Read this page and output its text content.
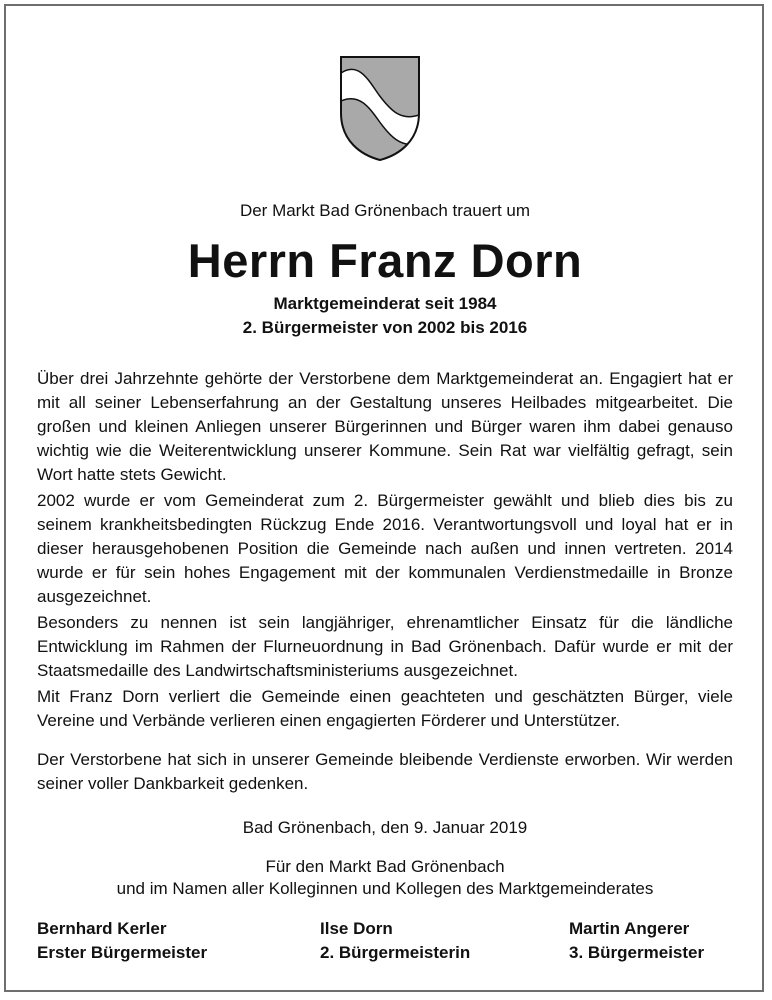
Der Markt Bad Grönenbach trauert um
Herrn Franz Dorn
Marktgemeinderat seit 1984
2. Bürgermeister von 2002 bis 2016

Über drei Jahrzehnte gehörte der Verstorbene dem Marktgemeinderat an. Engagiert hat er mit all seiner Lebenserfahrung an der Gestaltung unseres Heilbades mitgearbeitet. Die großen und kleinen Anliegen unserer Bürgerinnen und Bürger waren ihm dabei genauso wichtig wie die Weiterentwicklung unserer Kommune. Sein Rat war vielfältig gefragt, sein Wort hatte stets Gewicht.

2002 wurde er vom Gemeinderat zum 2. Bürgermeister gewählt und blieb dies bis zu seinem krankheitsbedingten Rückzug Ende 2016. Verantwortungsvoll und loyal hat er in dieser herausgehobenen Position die Gemeinde nach außen und innen vertreten. 2014 wurde er für sein hohes Engagement mit der kommunalen Verdienstmedaille in Bronze ausgezeichnet.

Besonders zu nennen ist sein langjähriger, ehrenamtlicher Einsatz für die ländliche Entwicklung im Rahmen der Flurneuordnung in Bad Grönenbach. Dafür wurde er mit der Staatsmedaille des Landwirtschaftsministeriums ausgezeichnet.

Mit Franz Dorn verliert die Gemeinde einen geachteten und geschätzten Bürger, viele Vereine und Verbände verlieren einen engagierten Förderer und Unterstützer.

Der Verstorbene hat sich in unserer Gemeinde bleibende Verdienste erworben. Wir werden seiner voller Dankbarkeit gedenken.

Bad Grönenbach, den 9. Januar 2019
Für den Markt Bad Grönenbach
und im Namen aller Kolleginnen und Kollegen des Marktgemeinderates
Bernhard Kerler
Erster Bürgermeister
Ilse Dorn
2. Bürgermeisterin
Martin Angerer
3. Bürgermeister
